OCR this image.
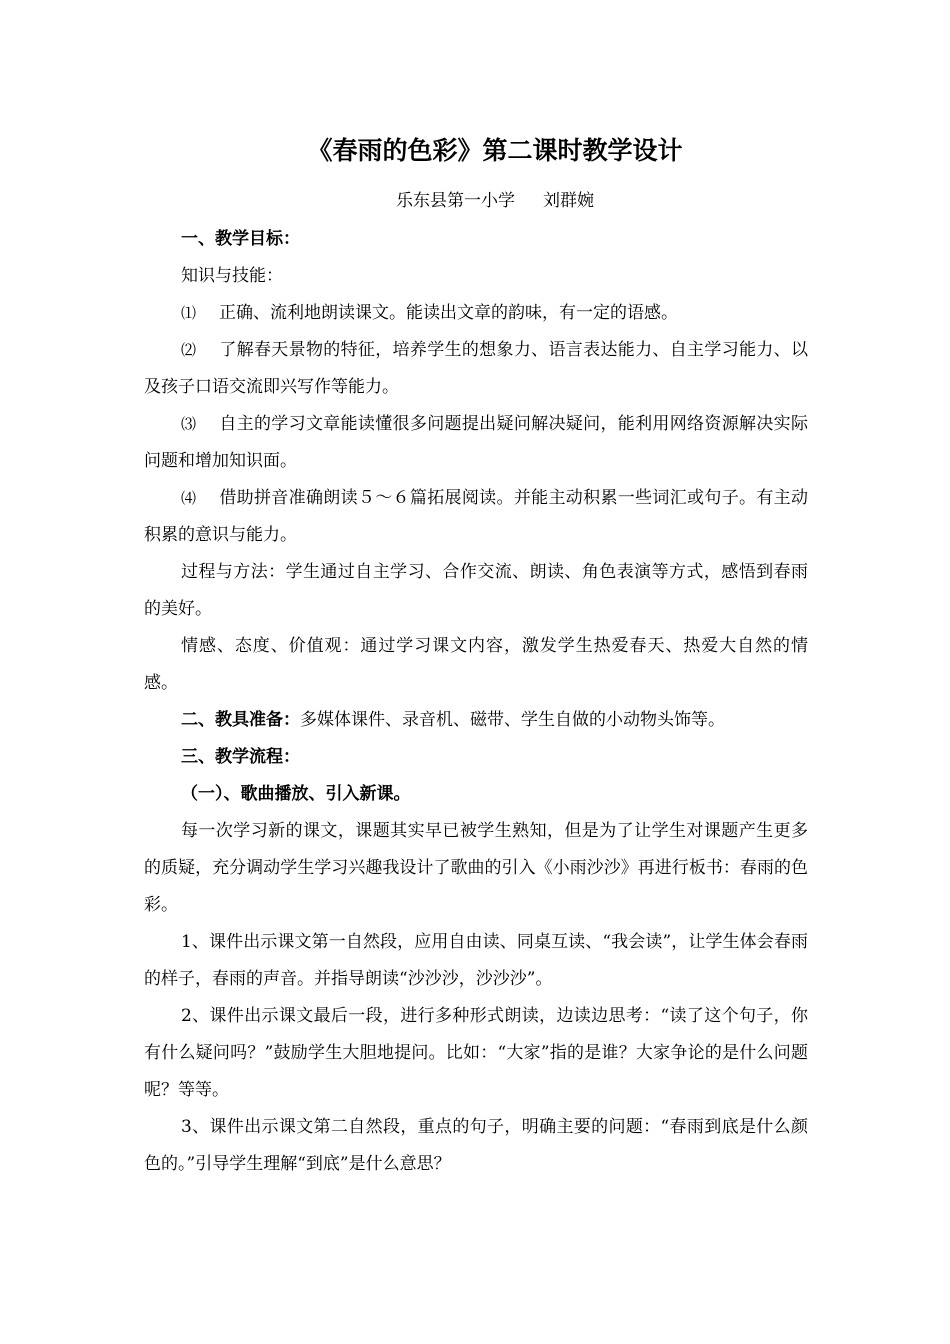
《春雨的色彩》第二课时教学设计
乐东县第一小学 刘群婉

一、教学目标：

知识与技能：

⑴ 正确、流利地朗读课文。能读出文章的韵味，有一定的语感。

⑵ 了解春天景物的特征，培养学生的想象力、语言表达能力、自主学习能力、以及孩子口语交流即兴写作等能力。

⑶ 自主的学习文章能读懂很多问题提出疑问解决疑问，能利用网络资源解决实际问题和增加知识面。

⑷ 借助拼音准确朗读５～６篇拓展阅读。并能主动积累一些词汇或句子。有主动积累的意识与能力。

过程与方法：学生通过自主学习、合作交流、朗读、角色表演等方式，感悟到春雨的美好。

情感、态度、价值观：通过学习课文内容，激发学生热爱春天、热爱大自然的情感。

二、教具准备：多媒体课件、录音机、磁带、学生自做的小动物头饰等。

三、教学流程：

（一）、歌曲播放、引入新课。

每一次学习新的课文，课题其实早已被学生熟知，但是为了让学生对课题产生更多的质疑，充分调动学生学习兴趣我设计了歌曲的引入《小雨沙沙》再进行板书：春雨的色彩。

1、课件出示课文第一自然段，应用自由读、同桌互读、“我会读”，让学生体会春雨的样子，春雨的声音。并指导朗读“沙沙沙，沙沙沙”。

2、课件出示课文最后一段，进行多种形式朗读，边读边思考：“读了这个句子，你有什么疑问吗？”鼓励学生大胆地提问。比如：“大家”指的是谁？大家争论的是什么问题呢？等等。

3、课件出示课文第二自然段，重点的句子，明确主要的问题：“春雨到底是什么颜色的。”引导学生理解“到底”是什么意思？
